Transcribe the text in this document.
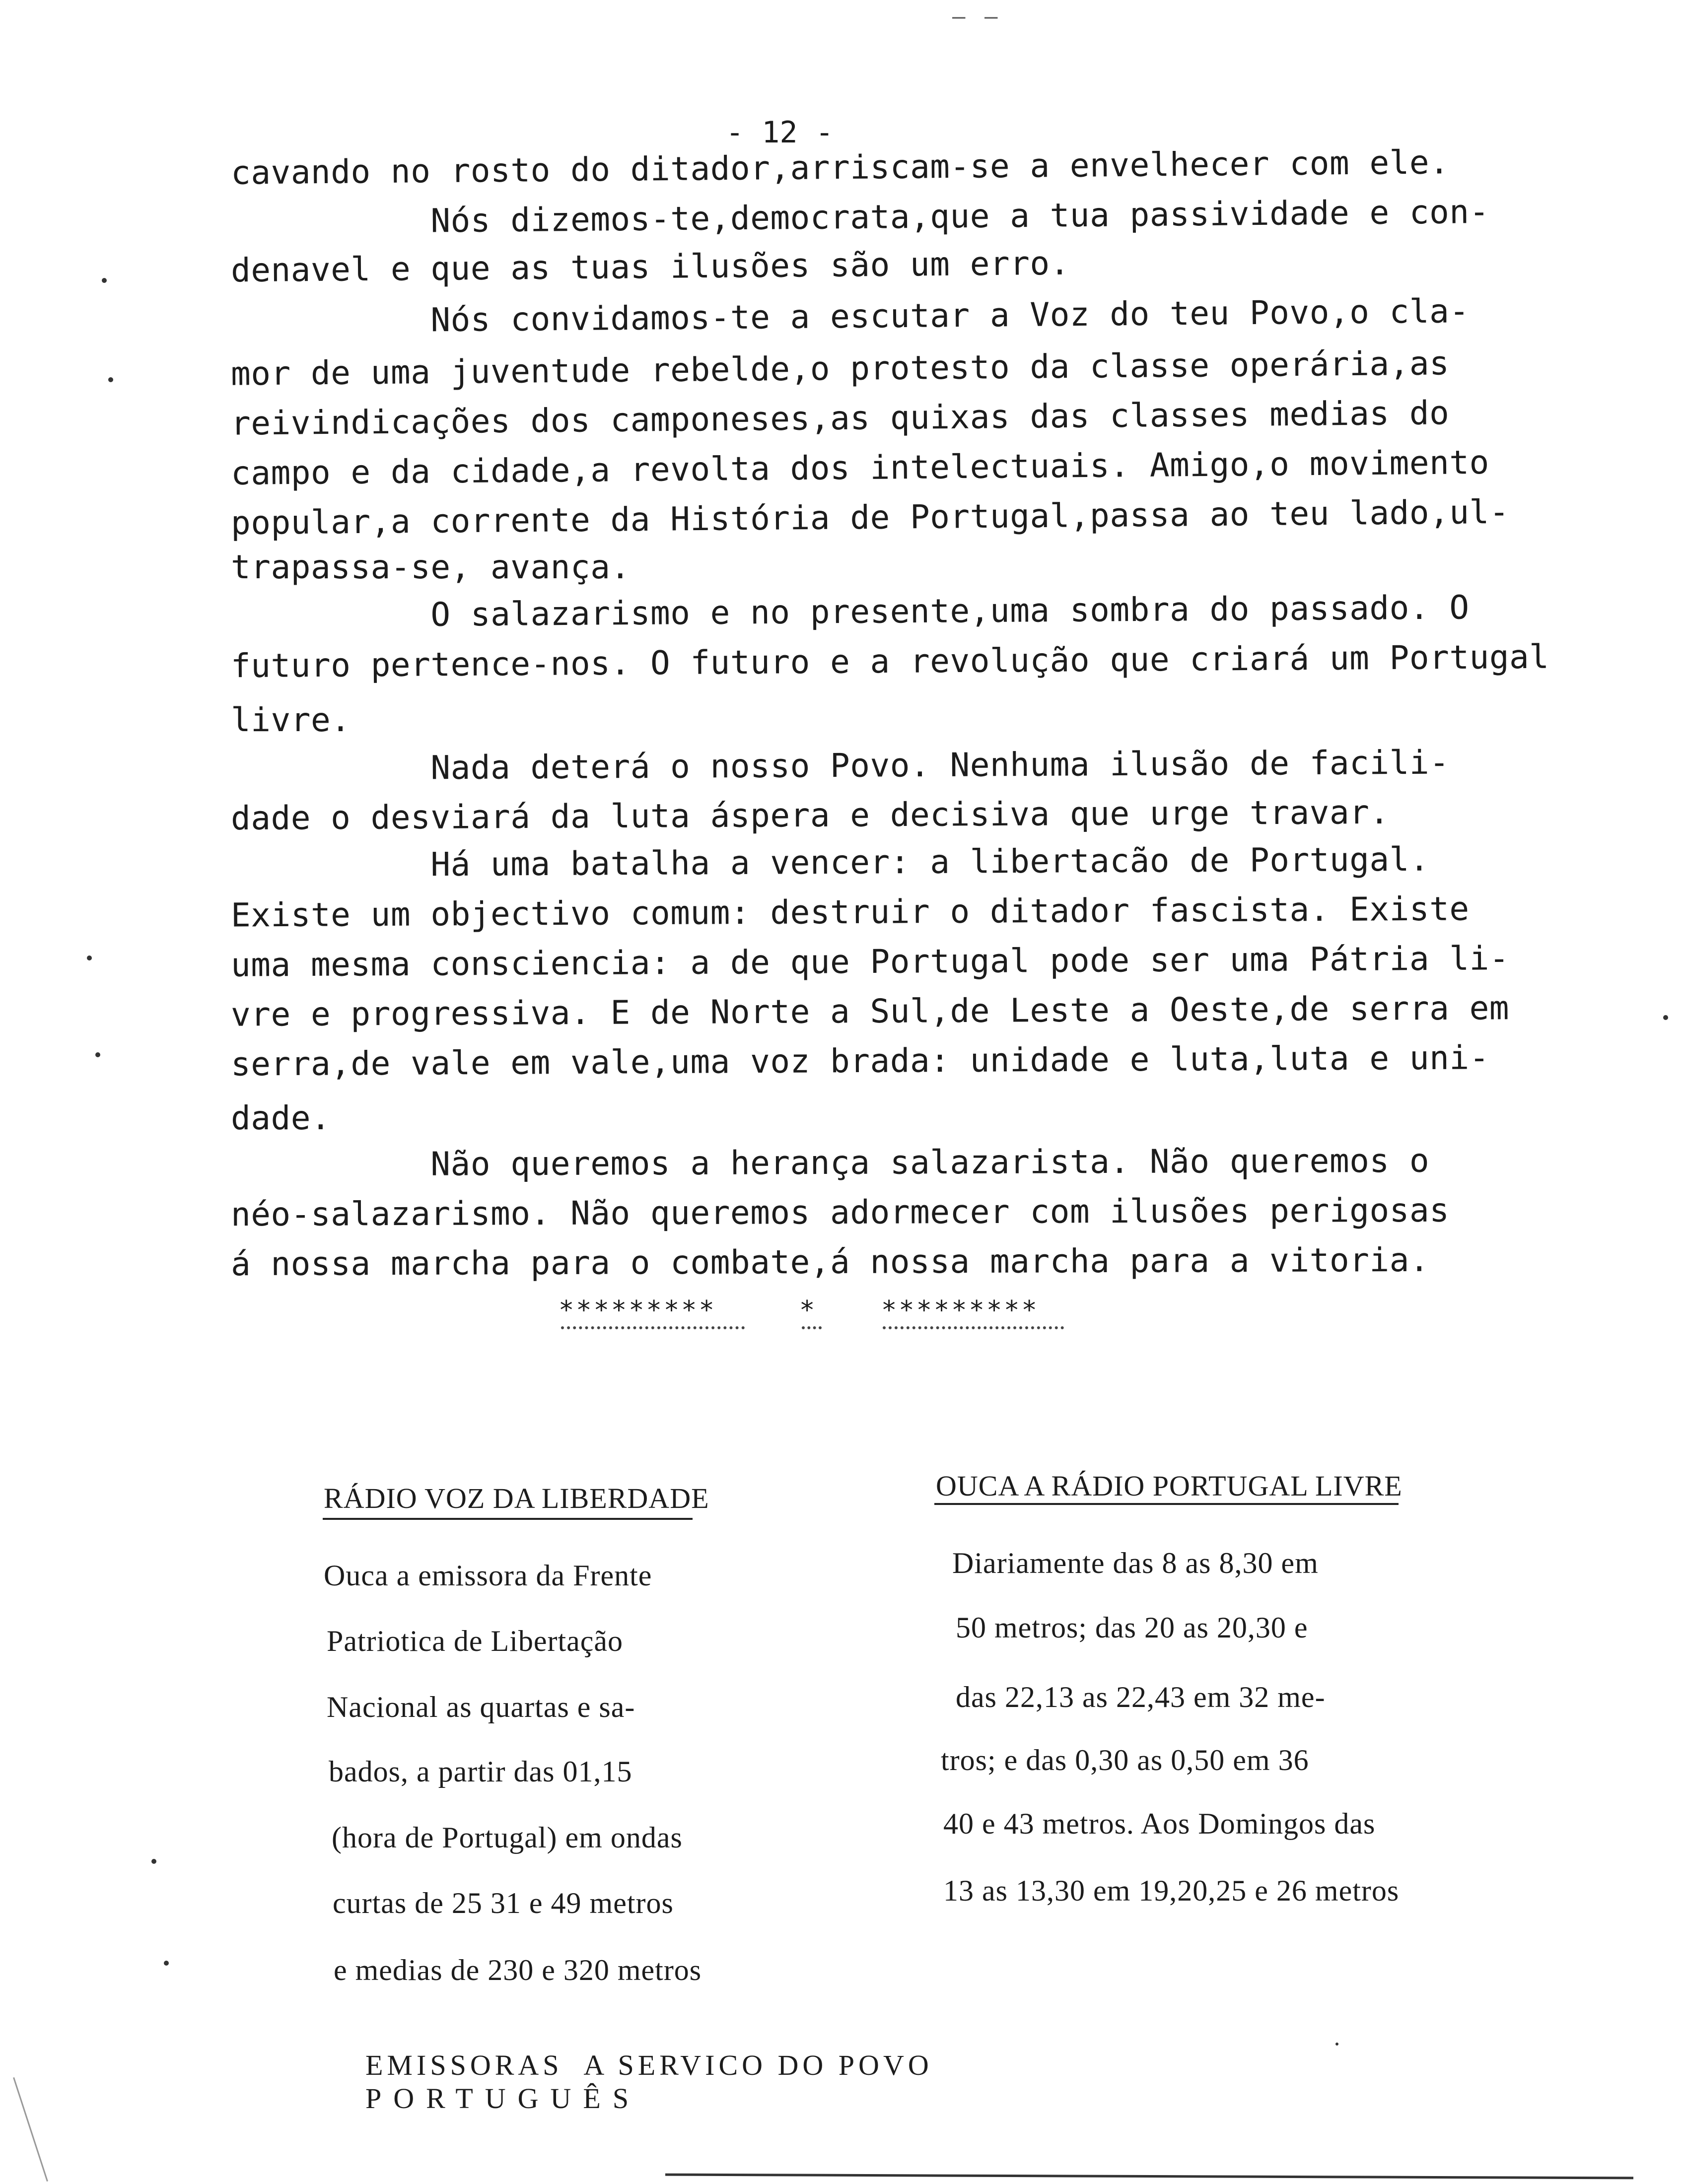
— —
- 12 -
cavando no rosto do ditador,arriscam-se a envelhecer com ele.
Nós dizemos-te,democrata,que a tua passividade e con-
denavel e que as tuas ilusões são um erro.
Nós convidamos-te a escutar a Voz do teu Povo,o cla-
mor de uma juventude rebelde,o protesto da classe operária,as
reivindicações dos camponeses,as quixas das classes medias do
campo e da cidade,a revolta dos intelectuais. Amigo,o movimento
popular,a corrente da História de Portugal,passa ao teu lado,ul-
trapassa-se, avança.
O salazarismo e no presente,uma sombra do passado. O
futuro pertence-nos. O futuro e a revolução que criará um Portugal
livre.
Nada deterá o nosso Povo. Nenhuma ilusão de facili-
dade o desviará da luta áspera e decisiva que urge travar.
Há uma batalha a vencer: a libertacão de Portugal.
Existe um objectivo comum: destruir o ditador fascista. Existe
uma mesma consciencia: a de que Portugal pode ser uma Pátria li-
vre e progressiva. E de Norte a Sul,de Leste a Oeste,de serra em
serra,de vale em vale,uma voz brada: unidade e luta,luta e uni-
dade.
Não queremos a herança salazarista. Não queremos o
néo-salazarismo. Não queremos adormecer com ilusões perigosas
á nossa marcha para o combate,á nossa marcha para a vitoria.
*********	* *********
RÁDIO VOZ DA LIBERDADE	OUCA A RÁDIO PORTUGAL LIVRE
Ouca a emissora da Frente
Patriotica de Libertação
Nacional as quartas e sa-
bados, a partir das 01,15
(hora de Portugal) em ondas
curtas de 25 31 e 49 metros
e medias de 230 e 320 metros
Diariamente das 8 as 8,30 em
50 metros; das 20 as 20,30 e
das 22,13 as 22,43 em 32 me-
tros; e das 0,30 as 0,50 em 36
40 e 43 metros. Aos Domingos das
13 as 13,30 em 19,20,25 e 26 metros

EMISSORAS  A SERVICO DO POVO
PORTUGUÊS
